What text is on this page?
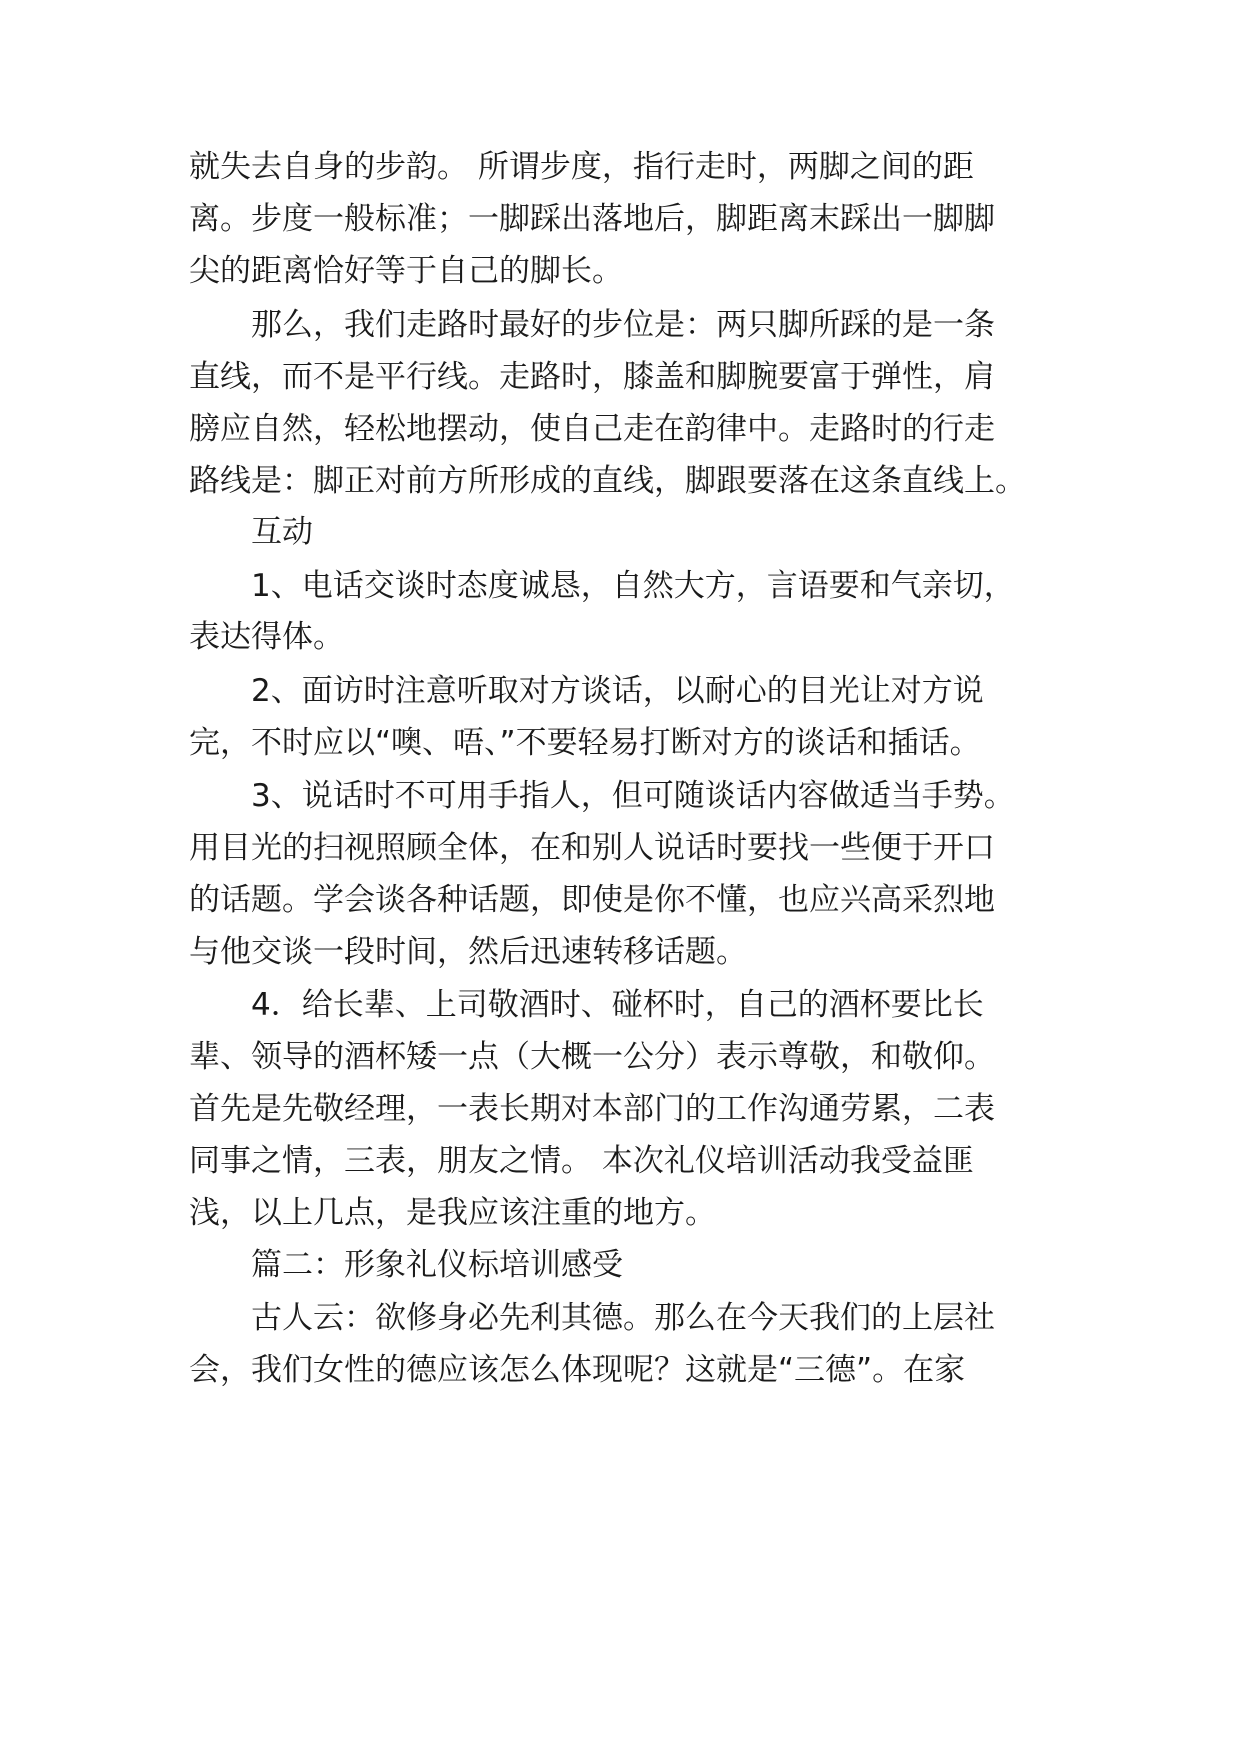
就失去自身的步韵。 所谓步度，指行走时，两脚之间的距
离。步度一般标准；一脚踩出落地后，脚距离末踩出一脚脚
尖的距离恰好等于自己的脚长。
那么，我们走路时最好的步位是：两只脚所踩的是一条
直线，而不是平行线。走路时，膝盖和脚腕要富于弹性，肩
膀应自然，轻松地摆动，使自己走在韵律中。走路时的行走
路线是：脚正对前方所形成的直线，脚跟要落在这条直线上。
互动
1、电话交谈时态度诚恳，自然大方，言语要和气亲切，
表达得体。
2、面访时注意听取对方谈话，以耐心的目光让对方说
完，不时应以“噢、唔、”不要轻易打断对方的谈话和插话。
3、说话时不可用手指人，但可随谈话内容做适当手势。
用目光的扫视照顾全体，在和别人说话时要找一些便于开口
的话题。学会谈各种话题，即使是你不懂，也应兴高采烈地
与他交谈一段时间，然后迅速转移话题。
4．给长辈、上司敬酒时、碰杯时，自己的酒杯要比长
辈、领导的酒杯矮一点（大概一公分）表示尊敬，和敬仰。
首先是先敬经理，一表长期对本部门的工作沟通劳累，二表
同事之情，三表，朋友之情。 本次礼仪培训活动我受益匪
浅，以上几点，是我应该注重的地方。
篇二：形象礼仪标培训感受
古人云：欲修身必先利其德。那么在今天我们的上层社
会，我们女性的德应该怎么体现呢？这就是“三德”。在家
